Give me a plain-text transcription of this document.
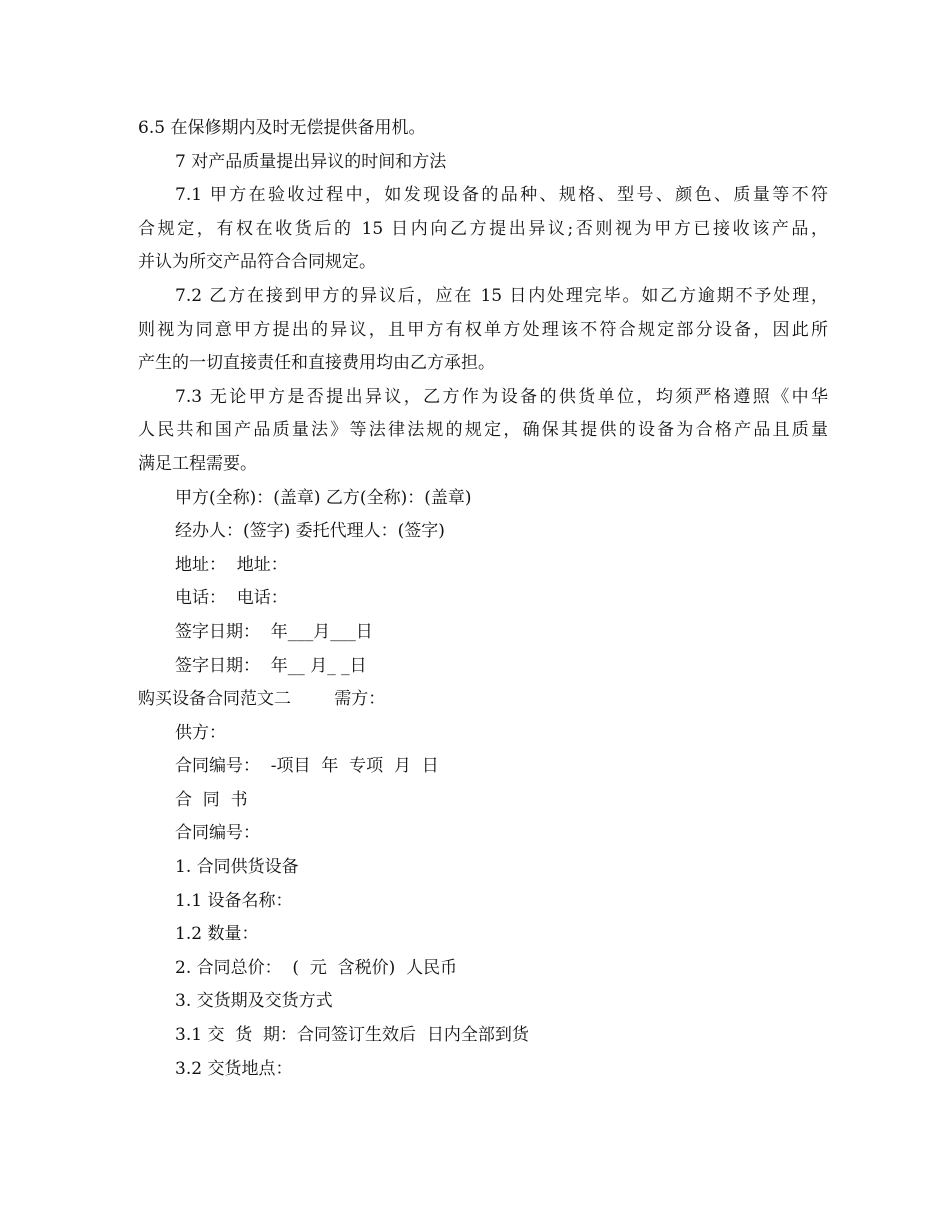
6.5 在保修期内及时无偿提供备用机。

7 对产品质量提出异议的时间和方法

7.1 甲方在验收过程中，如发现设备的品种、规格、型号、颜色、质量等不符

合规定，有权在收货后的 15 日内向乙方提出异议;否则视为甲方已接收该产品，

并认为所交产品符合合同规定。

7.2 乙方在接到甲方的异议后，应在 15 日内处理完毕。如乙方逾期不予处理，

则视为同意甲方提出的异议，且甲方有权单方处理该不符合规定部分设备，因此所

产生的一切直接责任和直接费用均由乙方承担。

7.3 无论甲方是否提出异议，乙方作为设备的供货单位，均须严格遵照《中华

人民共和国产品质量法》等法律法规的规定，确保其提供的设备为合格产品且质量

满足工程需要。

甲方(全称)：(盖章) 乙方(全称)：(盖章)

经办人：(签字) 委托代理人：(签字)

地址：  地址：

电话：  电话：

签字日期：  年___月___日

签字日期：  年__ 月_ _日

购买设备合同范文二        需方：

供方：

合同编号：  -项目  年  专项  月  日

合  同  书

合同编号：

1. 合同供货设备

1.1 设备名称：

1.2 数量：

2. 合同总价：  (  元  含税价)  人民币

3. 交货期及交货方式

3.1 交  货  期：合同签订生效后  日内全部到货

3.2 交货地点：
